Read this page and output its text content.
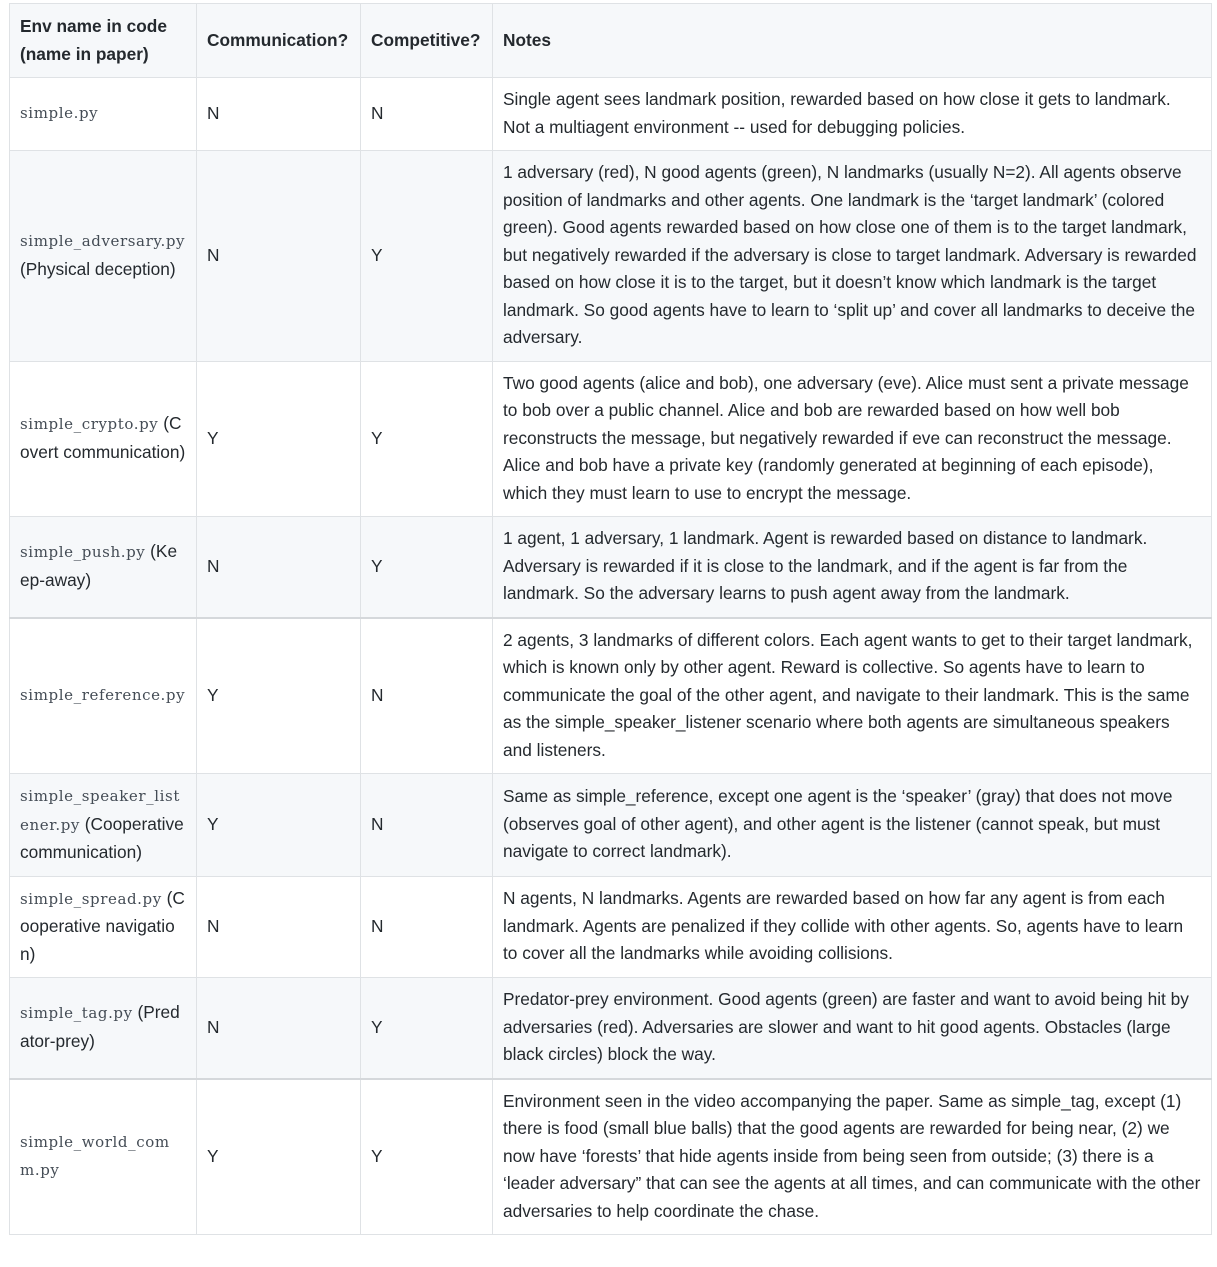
Env name in code (name in paper)	Communication?	Competitive?	Notes
simple.py	N	N	Single agent sees landmark position, rewarded based on how close it gets to landmark. Not a multiagent environment -- used for debugging policies.
simple_adversary.py (Physical deception)	N	Y	1 adversary (red), N good agents (green), N landmarks (usually N=2). All agents observe position of landmarks and other agents. One landmark is the ‘target landmark’ (colored green). Good agents rewarded based on how close one of them is to the target landmark, but negatively rewarded if the adversary is close to target landmark. Adversary is rewarded based on how close it is to the target, but it doesn’t know which landmark is the target landmark. So good agents have to learn to ‘split up’ and cover all landmarks to deceive the adversary.
simple_crypto.py (Covert communication)	Y	Y	Two good agents (alice and bob), one adversary (eve). Alice must sent a private message to bob over a public channel. Alice and bob are rewarded based on how well bob reconstructs the message, but negatively rewarded if eve can reconstruct the message. Alice and bob have a private key (randomly generated at beginning of each episode), which they must learn to use to encrypt the message.
simple_push.py (Keep-away)	N	Y	1 agent, 1 adversary, 1 landmark. Agent is rewarded based on distance to landmark. Adversary is rewarded if it is close to the landmark, and if the agent is far from the landmark. So the adversary learns to push agent away from the landmark.
simple_reference.py	Y	N	2 agents, 3 landmarks of different colors. Each agent wants to get to their target landmark, which is known only by other agent. Reward is collective. So agents have to learn to communicate the goal of the other agent, and navigate to their landmark. This is the same as the simple_speaker_listener scenario where both agents are simultaneous speakers and listeners.
simple_speaker_listener.py (Cooperative communication)	Y	N	Same as simple_reference, except one agent is the ‘speaker’ (gray) that does not move (observes goal of other agent), and other agent is the listener (cannot speak, but must navigate to correct landmark).
simple_spread.py (Cooperative navigation)	N	N	N agents, N landmarks. Agents are rewarded based on how far any agent is from each landmark. Agents are penalized if they collide with other agents. So, agents have to learn to cover all the landmarks while avoiding collisions.
simple_tag.py (Predator-prey)	N	Y	Predator-prey environment. Good agents (green) are faster and want to avoid being hit by adversaries (red). Adversaries are slower and want to hit good agents. Obstacles (large black circles) block the way.
simple_world_comm.py	Y	Y	Environment seen in the video accompanying the paper. Same as simple_tag, except (1) there is food (small blue balls) that the good agents are rewarded for being near, (2) we now have ‘forests’ that hide agents inside from being seen from outside; (3) there is a ‘leader adversary” that can see the agents at all times, and can communicate with the other adversaries to help coordinate the chase.
